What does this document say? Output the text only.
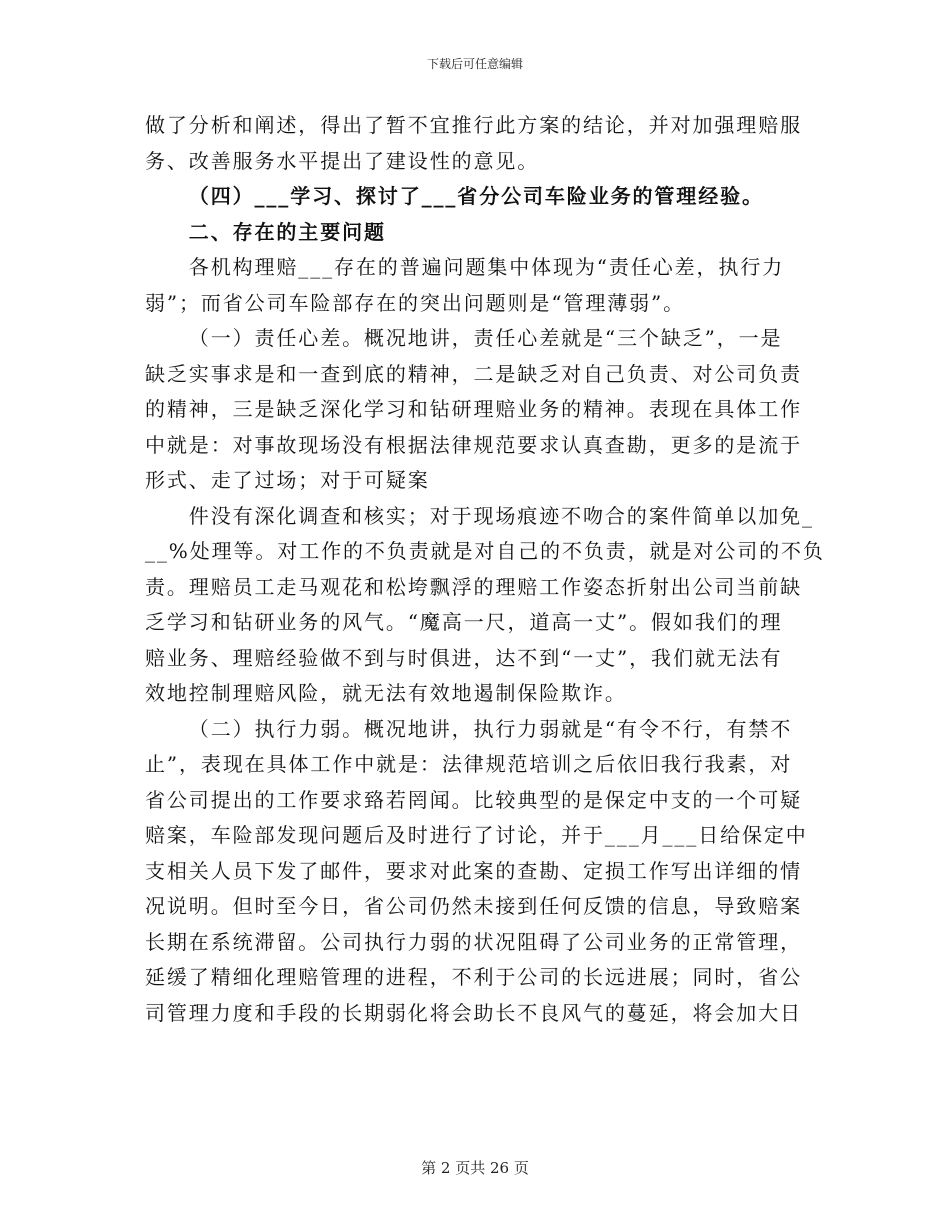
下载后可任意编辑
做了分析和阐述，得出了暂不宜推行此方案的结论，并对加强理赔服
务、改善服务水平提出了建设性的意见。
（四）___学习、探讨了___省分公司车险业务的管理经验。
二、存在的主要问题
各机构理赔___存在的普遍问题集中体现为“责任心差，执行力
弱”；而省公司车险部存在的突出问题则是“管理薄弱”。
（一）责任心差。概况地讲，责任心差就是“三个缺乏”，一是
缺乏实事求是和一查到底的精神，二是缺乏对自己负责、对公司负责
的精神，三是缺乏深化学习和钻研理赔业务的精神。表现在具体工作
中就是：对事故现场没有根据法律规范要求认真查勘，更多的是流于
形式、走了过场；对于可疑案
件没有深化调查和核实；对于现场痕迹不吻合的案件简单以加免_
__%处理等。对工作的不负责就是对自己的不负责，就是对公司的不负
责。理赔员工走马观花和松垮飘浮的理赔工作姿态折射出公司当前缺
乏学习和钻研业务的风气。“魔高一尺，道高一丈”。假如我们的理
赔业务、理赔经验做不到与时俱进，达不到“一丈”，我们就无法有
效地控制理赔风险，就无法有效地遏制保险欺诈。
（二）执行力弱。概况地讲，执行力弱就是“有令不行，有禁不
止”，表现在具体工作中就是：法律规范培训之后依旧我行我素，对
省公司提出的工作要求臵若罔闻。比较典型的是保定中支的一个可疑
赔案，车险部发现问题后及时进行了讨论，并于___月___日给保定中
支相关人员下发了邮件，要求对此案的查勘、定损工作写出详细的情
况说明。但时至今日，省公司仍然未接到任何反馈的信息，导致赔案
长期在系统滞留。公司执行力弱的状况阻碍了公司业务的正常管理，
延缓了精细化理赔管理的进程，不利于公司的长远进展；同时，省公
司管理力度和手段的长期弱化将会助长不良风气的蔓延，将会加大日
第 2 页共 26 页
